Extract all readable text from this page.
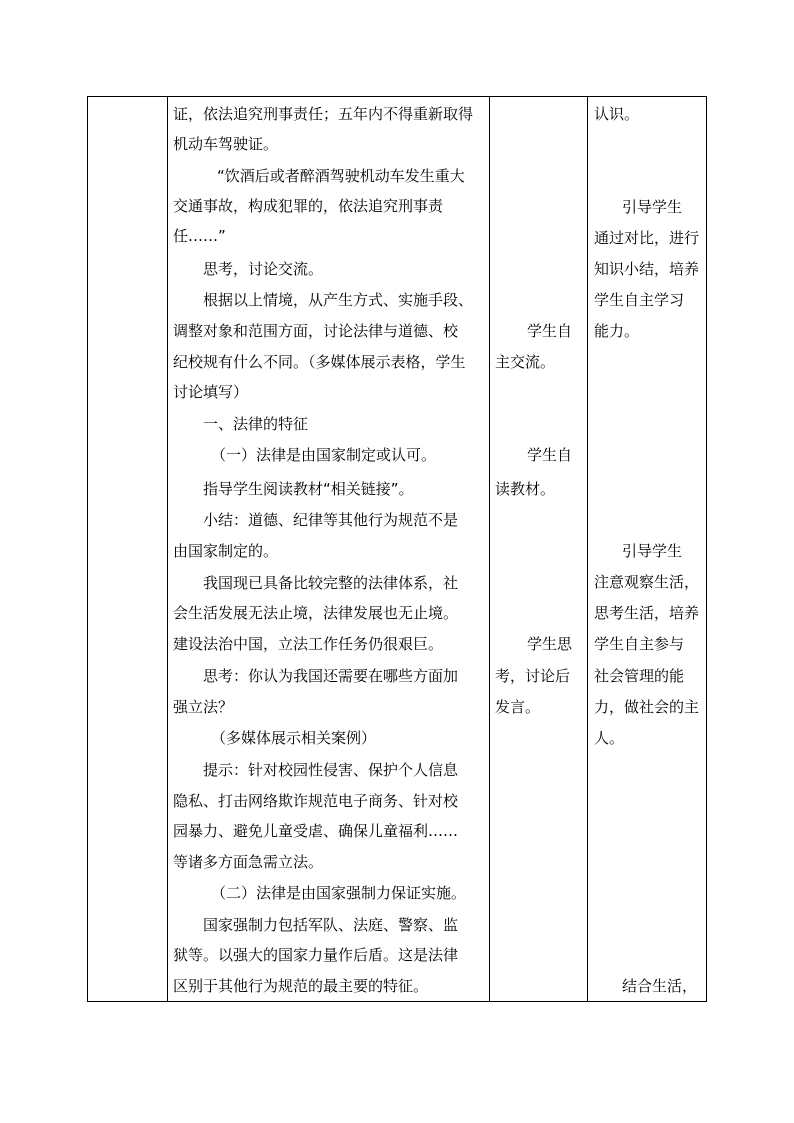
证，依法追究刑事责任；五年内不得重新取得
机动车驾驶证。
“饮酒后或者醉酒驾驶机动车发生重大
交通事故，构成犯罪的，依法追究刑事责
任……”
思考，讨论交流。
根据以上情境，从产生方式、实施手段、
调整对象和范围方面，讨论法律与道德、校
纪校规有什么不同。（多媒体展示表格，学生
讨论填写）
一、法律的特征
（一）法律是由国家制定或认可。
指导学生阅读教材“相关链接”。
小结：道德、纪律等其他行为规范不是
由国家制定的。
我国现已具备比较完整的法律体系，社
会生活发展无法止境，法律发展也无止境。
建设法治中国，立法工作任务仍很艰巨。
思考：你认为我国还需要在哪些方面加
强立法？
（多媒体展示相关案例）
提示：针对校园性侵害、保护个人信息
隐私、打击网络欺诈规范电子商务、针对校
园暴力、避免儿童受虐、确保儿童福利……
等诸多方面急需立法。
（二）法律是由国家强制力保证实施。
国家强制力包括军队、法庭、警察、监
狱等。以强大的国家力量作后盾。这是法律
区别于其他行为规范的最主要的特征。
学生自
主交流。
学生自
读教材。
学生思
考，讨论后
发言。
认识。
引导学生
通过对比，进行
知识小结，培养
学生自主学习
能力。
引导学生
注意观察生活，
思考生活，培养
学生自主参与
社会管理的能
力，做社会的主
人。
结合生活，
